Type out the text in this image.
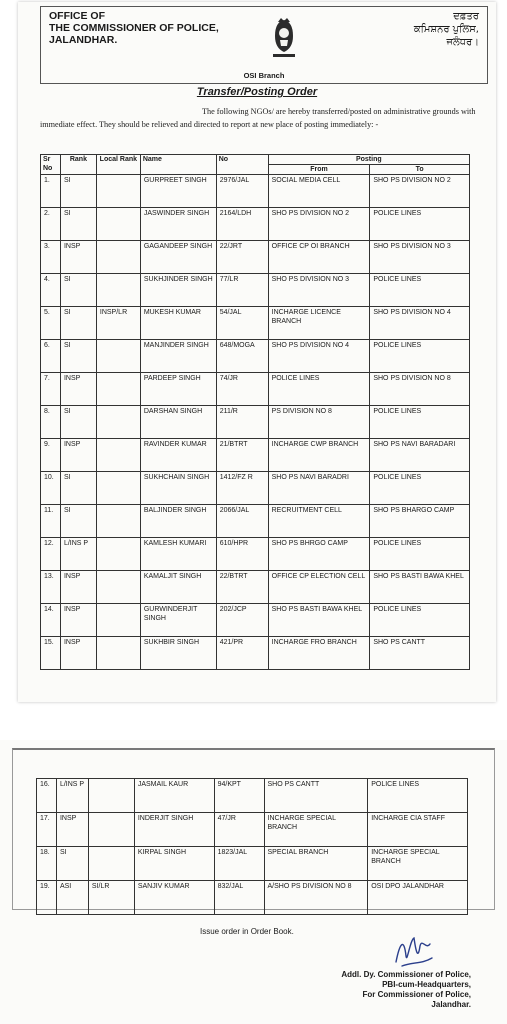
OFFICE OF
THE COMMISSIONER OF POLICE,
JALANDHAR.
ਦਫ਼ਤਰ
ਕਮਿਸ਼ਨਰ ਪੁਲਿਸ,
ਜਲੰਧਰ।
OSI Branch
Transfer/Posting Order

The following NGOs/ are hereby transferred/posted on administrative grounds with immediate effect. They should be relieved and directed to report at new place of posting immediately: -

Sr No	Rank	Local Rank	Name	No	Posting	
					From	To
1.	SI		GURPREET SINGH	2976/JAL	SOCIAL MEDIA CELL	SHO PS DIVISION NO 2
2.	SI		JASWINDER SINGH	2164/LDH	SHO PS DIVISION NO 2	POLICE LINES
3.	INSP		GAGANDEEP SINGH	22/JRT	OFFICE CP OI BRANCH	SHO PS DIVISION NO 3
4.	SI		SUKHJINDER SINGH	77/LR	SHO PS DIVISION NO 3	POLICE LINES
5.	SI	INSP/LR	MUKESH KUMAR	54/JAL	INCHARGE LICENCE BRANCH	SHO PS DIVISION NO 4
6.	SI		MANJINDER SINGH	648/MOGA	SHO PS DIVISION NO 4	POLICE LINES
7.	INSP		PARDEEP SINGH	74/JR	POLICE LINES	SHO PS DIVISION NO 8
8.	SI		DARSHAN SINGH	211/R	PS DIVISION NO 8	POLICE LINES
9.	INSP		RAVINDER KUMAR	21/BTRT	INCHARGE CWP BRANCH	SHO PS NAVI BARADARI
10.	SI		SUKHCHAIN SINGH	1412/FZ R	SHO PS NAVI BARADRI	POLICE LINES
11.	SI		BALJINDER SINGH	2066/JAL	RECRUITMENT CELL	SHO PS BHARGO CAMP
12.	L/INS P		KAMLESH KUMARI	610/HPR	SHO PS BHRGO CAMP	POLICE LINES
13.	INSP		KAMALJIT SINGH	22/BTRT	OFFICE CP ELECTION CELL	SHO PS BASTI BAWA KHEL
14.	INSP		GURWINDERJIT SINGH	202/JCP	SHO PS BASTI BAWA KHEL	POLICE LINES
15.	INSP		SUKHBIR SINGH	421/PR	INCHARGE FRO BRANCH	SHO PS CANTT
16.	L/INS P		JASMAIL KAUR	94/KPT	SHO PS CANTT	POLICE LINES
17.	INSP		INDERJIT SINGH	47/JR	INCHARGE SPECIAL BRANCH	INCHARGE CIA STAFF
18.	SI		KIRPAL SINGH	1823/JAL	SPECIAL BRANCH	INCHARGE SPECIAL BRANCH
19.	ASI	SI/LR	SANJIV KUMAR	832/JAL	A/SHO PS DIVISION NO 8	OSI DPO JALANDHAR
Issue order in Order Book.
Addl. Dy. Commissioner of Police,
PBI-cum-Headquarters,
For Commissioner of Police,
Jalandhar.
